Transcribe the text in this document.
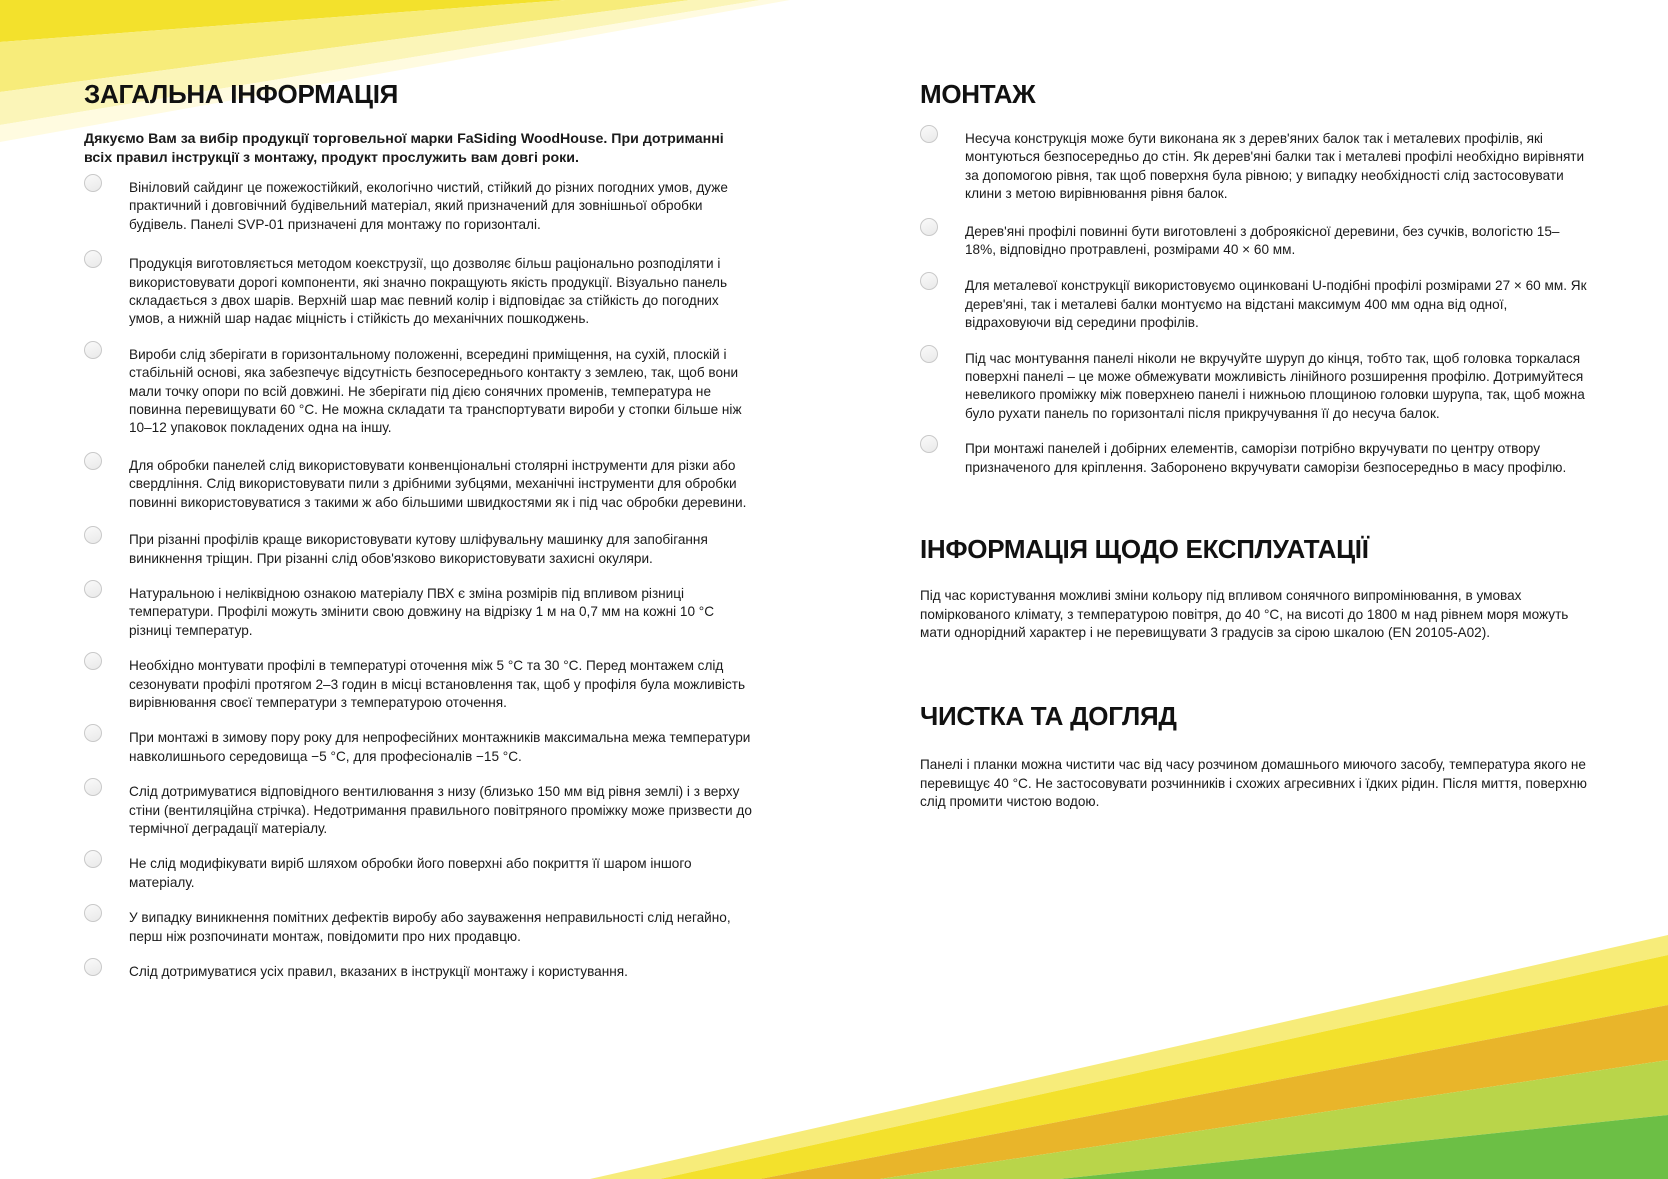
ЗАГАЛЬНА ІНФОРМАЦІЯ

Дякуємо Вам за вибір продукції торговельної марки FaSiding WoodHouse. При дотриманні всіх правил інструкції з монтажу, продукт прослужить вам довгі роки.

Вініловий сайдинг це пожежостійкий, екологічно чистий, стійкий до різних погодних умов, дуже практичний і довговічний будівельний матеріал, який призначений для зовнішньої обробки будівель. Панелі SVP-01 призначені для монтажу по горизонталі.
Продукція виготовляється методом коекструзії, що дозволяє більш раціонально розподіляти і використовувати дорогі компоненти, які значно покращують якість продукції. Візуально панель складається з двох шарів. Верхній шар має певний колір і відповідає за стійкість до погодних умов, а нижній шар надає міцність і стійкість до механічних пошкоджень.
Вироби слід зберігати в горизонтальному положенні, всередині приміщення, на сухій, плоскій і стабільній основі, яка забезпечує відсутність безпосереднього контакту з землею, так, щоб вони мали точку опори по всій довжині. Не зберігати під дією сонячних променів, температура не повинна перевищувати 60 °C. Не можна складати та транспортувати вироби у стопки більше ніж 10–12 упаковок покладених одна на іншу.
Для обробки панелей слід використовувати конвенціональні столярні інструменти для різки або свердління. Слід використовувати пили з дрібними зубцями, механічні інструменти для обробки повинні використовуватися з такими ж або більшими швидкостями як і під час обробки деревини.
При різанні профілів краще використовувати кутову шліфувальну машинку для запобігання виникнення тріщин. При різанні слід обов'язково використовувати захисні окуляри.
Натуральною і неліквідною ознакою матеріалу ПВХ є зміна розмірів під впливом різниці температури. Профілі можуть змінити свою довжину на відрізку 1 м на 0,7 мм на кожні 10 °C різниці температур.
Необхідно монтувати профілі в температурі оточення між 5 °C та 30 °C. Перед монтажем слід сезонувати профілі протягом 2–3 годин в місці встановлення так, щоб у профіля була можливість вирівнювання своєї температури з температурою оточення.
При монтажі в зимову пору року для непрофесійних монтажників максимальна межа температури навколишнього середовища −5 °C, для професіоналів −15 °C.
Слід дотримуватися відповідного вентилювання з низу (близько 150 мм від рівня землі) і з верху стіни (вентиляційна стрічка). Недотримання правильного повітряного проміжку може призвести до термічної деградації матеріалу.
Не слід модифікувати виріб шляхом обробки його поверхні або покриття її шаром іншого матеріалу.
У випадку виникнення помітних дефектів виробу або зауваження неправильності слід негайно, перш ніж розпочинати монтаж, повідомити про них продавцю.
Слід дотримуватися усіх правил, вказаних в інструкції монтажу і користування.
МОНТАЖ
Несуча конструкція може бути виконана як з дерев'яних балок так і металевих профілів, які монтуються безпосередньо до стін. Як дерев'яні балки так і металеві профілі необхідно вирівняти за допомогою рівня, так щоб поверхня була рівною; у випадку необхідності слід застосовувати клини з метою вирівнювання рівня балок.
Дерев'яні профілі повинні бути виготовлені з доброякісної деревини, без сучків, вологістю 15–18%, відповідно протравлені, розмірами 40 × 60 мм.
Для металевої конструкції використовуємо оцинковані U-подібні профілі розмірами 27 × 60 мм. Як дерев'яні, так і металеві балки монтуємо на відстані максимум 400 мм одна від одної, відраховуючи від середини профілів.
Під час монтування панелі ніколи не вкручуйте шуруп до кінця, тобто так, щоб головка торкалася поверхні панелі – це може обмежувати можливість лінійного розширення профілю. Дотримуйтеся невеликого проміжку між поверхнею панелі і нижньою площиною головки шурупа, так, щоб можна було рухати панель по горизонталі після прикручування її до несуча балок.
При монтажі панелей і добірних елементів, саморізи потрібно вкручувати по центру отвору призначеного для кріплення. Заборонено вкручувати саморізи безпосередньо в масу профілю.
ІНФОРМАЦІЯ ЩОДО ЕКСПЛУАТАЦІЇ

Під час користування можливі зміни кольору під впливом сонячного випромінювання, в умовах поміркованого клімату, з температурою повітря, до 40 °C, на висоті до 1800 м над рівнем моря можуть мати однорідний характер і не перевищувати 3 градусів за сірою шкалою (EN 20105-A02).

ЧИСТКА ТА ДОГЛЯД

Панелі і планки можна чистити час від часу розчином домашнього миючого засобу, температура якого не перевищує 40 °C. Не застосовувати розчинників і схожих агресивних і їдких рідин. Після миття, поверхню слід промити чистою водою.
